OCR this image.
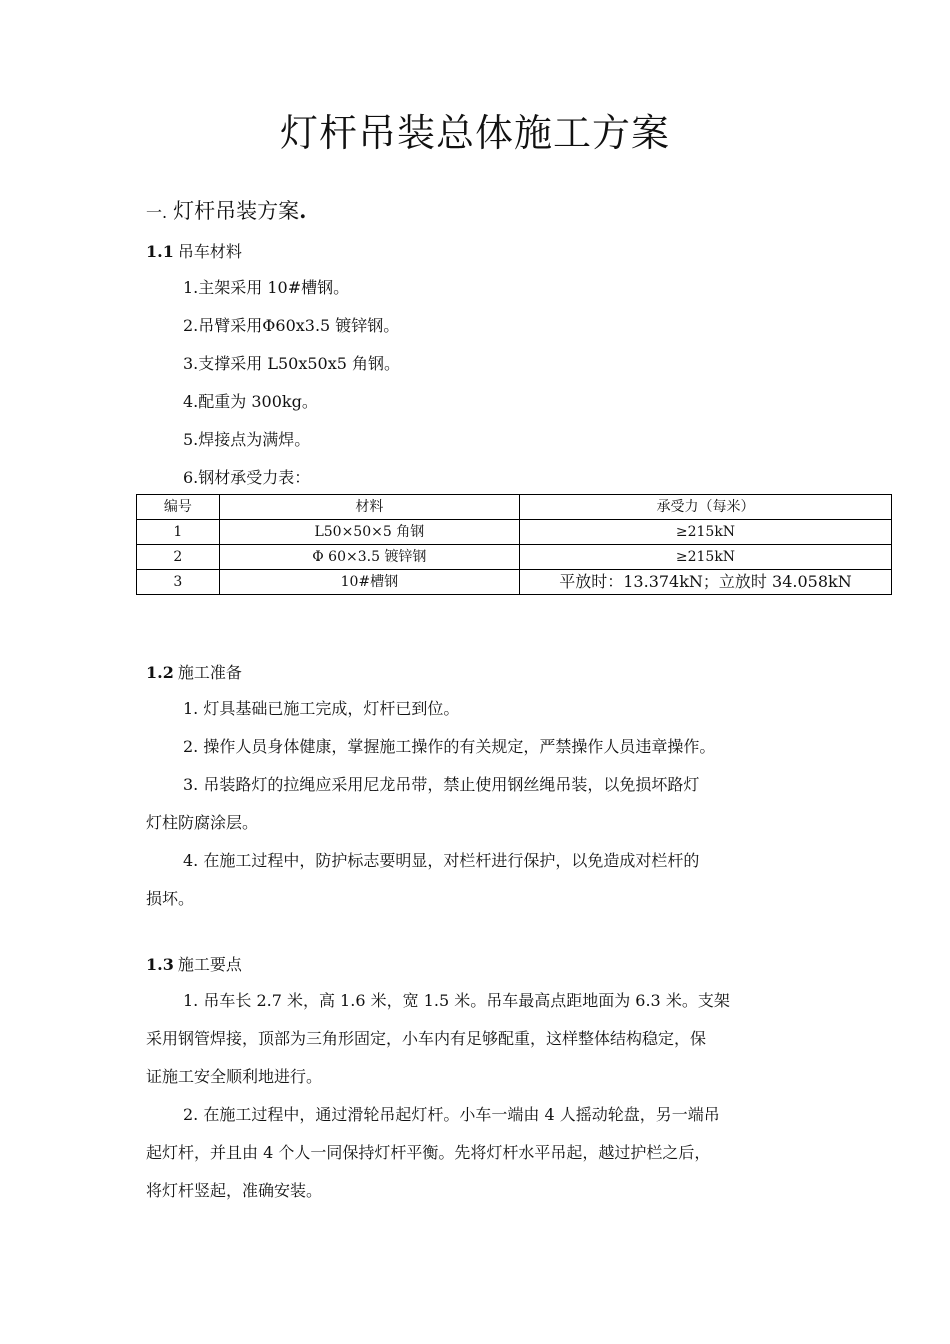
灯杆吊装总体施工方案
一. 灯杆吊装方案.
1.1 吊车材料
1.主架采用 10#槽钢。
2.吊臂采用Φ60x3.5 镀锌钢。
3.支撑采用 L50x50x5 角钢。
4.配重为 300kg。
5.焊接点为满焊。
6.钢材承受力表：
编号	材料	承受力（每米）
1	L50×50×5 角钢	≥215kN
2	Φ 60×3.5 镀锌钢	≥215kN
3	10#槽钢	平放时：13.374kN；立放时 34.058kN
1.2 施工准备
1. 灯具基础已施工完成，灯杆已到位。
2. 操作人员身体健康，掌握施工操作的有关规定，严禁操作人员违章操作。
3. 吊装路灯的拉绳应采用尼龙吊带，禁止使用钢丝绳吊装，以免损坏路灯
灯柱防腐涂层。
4. 在施工过程中，防护标志要明显，对栏杆进行保护，以免造成对栏杆的
损坏。
1.3 施工要点
1. 吊车长 2.7 米，高 1.6 米，宽 1.5 米。吊车最高点距地面为 6.3 米。支架
采用钢管焊接，顶部为三角形固定，小车内有足够配重，这样整体结构稳定，保
证施工安全顺利地进行。
2. 在施工过程中，通过滑轮吊起灯杆。小车一端由 4 人摇动轮盘，另一端吊
起灯杆，并且由 4 个人一同保持灯杆平衡。先将灯杆水平吊起，越过护栏之后，
将灯杆竖起，准确安装。
